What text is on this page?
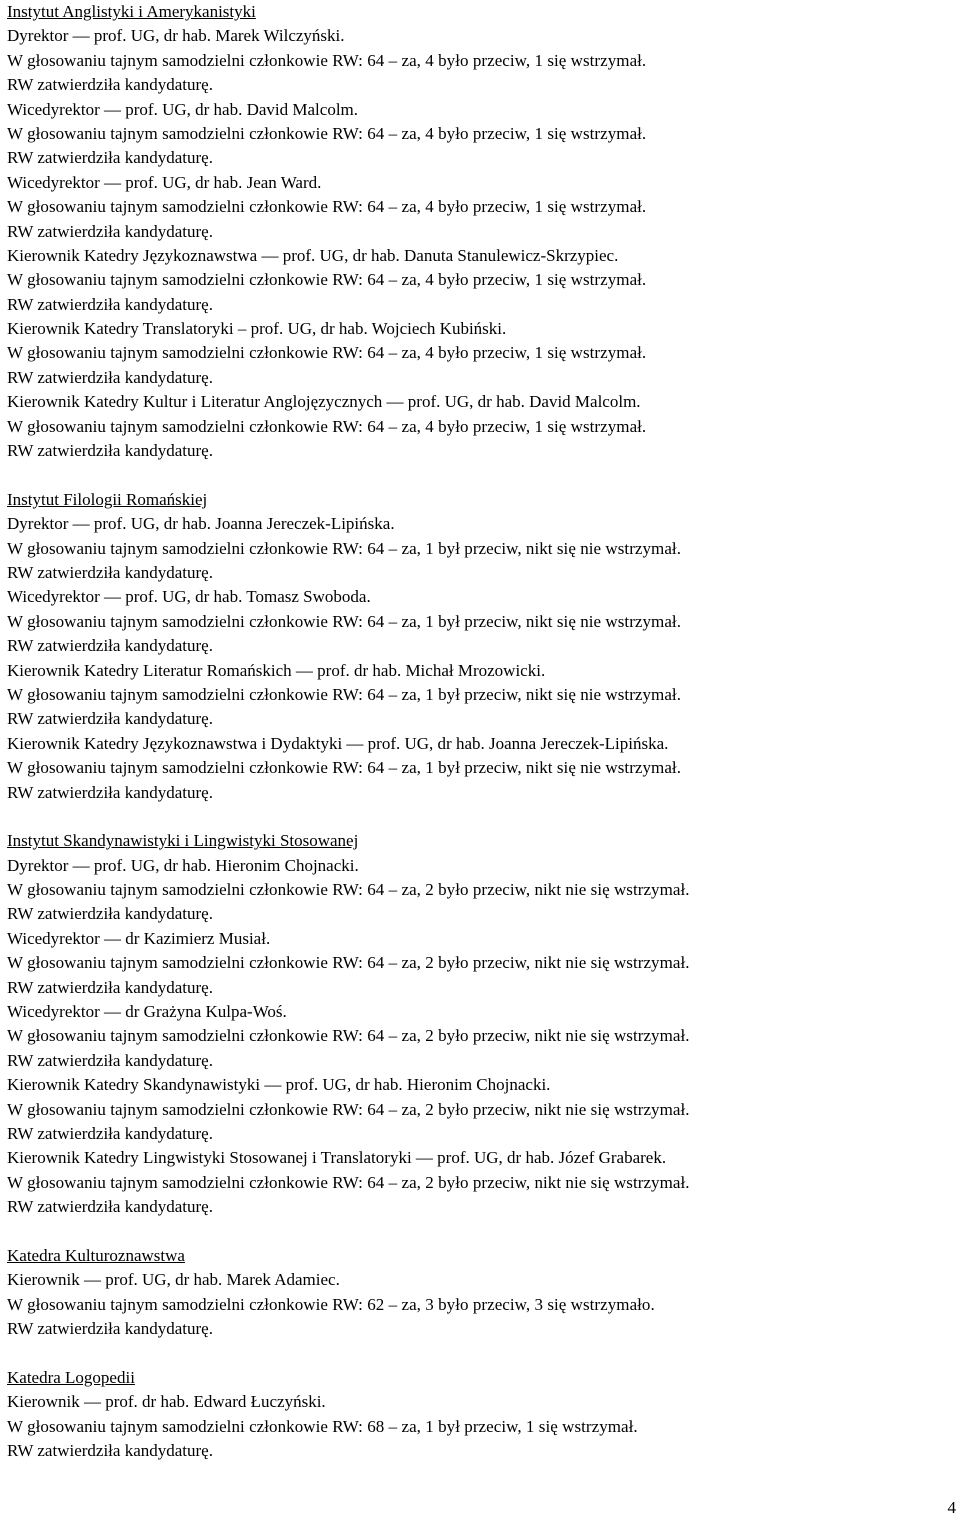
Instytut Anglistyki i Amerykanistyki
Dyrektor — prof. UG, dr hab. Marek Wilczyński.
W głosowaniu tajnym samodzielni członkowie RW: 64 – za, 4 było przeciw, 1 się wstrzymał.
RW zatwierdziła kandydaturę.
Wicedyrektor — prof. UG, dr hab. David Malcolm.
W głosowaniu tajnym samodzielni członkowie RW: 64 – za, 4 było przeciw, 1 się wstrzymał.
RW zatwierdziła kandydaturę.
Wicedyrektor — prof. UG, dr hab. Jean Ward.
W głosowaniu tajnym samodzielni członkowie RW: 64 – za, 4 było przeciw, 1 się wstrzymał.
RW zatwierdziła kandydaturę.
Kierownik Katedry Językoznawstwa — prof. UG, dr hab. Danuta Stanulewicz-Skrzypiec.
W głosowaniu tajnym samodzielni członkowie RW: 64 – za, 4 było przeciw, 1 się wstrzymał.
RW zatwierdziła kandydaturę.
Kierownik Katedry Translatoryki – prof. UG, dr hab. Wojciech Kubiński.
W głosowaniu tajnym samodzielni członkowie RW: 64 – za, 4 było przeciw, 1 się wstrzymał.
RW zatwierdziła kandydaturę.
Kierownik Katedry Kultur i Literatur Anglojęzycznych — prof. UG, dr hab. David Malcolm.
W głosowaniu tajnym samodzielni członkowie RW: 64 – za, 4 było przeciw, 1 się wstrzymał.
RW zatwierdziła kandydaturę.
Instytut Filologii Romańskiej
Dyrektor — prof. UG, dr hab. Joanna Jereczek-Lipińska.
W głosowaniu tajnym samodzielni członkowie RW: 64 – za, 1 był przeciw, nikt się nie wstrzymał.
RW zatwierdziła kandydaturę.
Wicedyrektor — prof. UG, dr hab. Tomasz Swoboda.
W głosowaniu tajnym samodzielni członkowie RW: 64 – za, 1 był przeciw, nikt się nie wstrzymał.
RW zatwierdziła kandydaturę.
Kierownik Katedry Literatur Romańskich — prof. dr hab. Michał Mrozowicki.
W głosowaniu tajnym samodzielni członkowie RW: 64 – za, 1 był przeciw, nikt się nie wstrzymał.
RW zatwierdziła kandydaturę.
Kierownik Katedry Językoznawstwa i Dydaktyki — prof. UG, dr hab. Joanna Jereczek-Lipińska.
W głosowaniu tajnym samodzielni członkowie RW: 64 – za, 1 był przeciw, nikt się nie wstrzymał.
RW zatwierdziła kandydaturę.
Instytut Skandynawistyki i Lingwistyki Stosowanej
Dyrektor — prof. UG, dr hab. Hieronim Chojnacki.
W głosowaniu tajnym samodzielni członkowie RW: 64 – za, 2 było przeciw, nikt nie się wstrzymał.
RW zatwierdziła kandydaturę.
Wicedyrektor — dr Kazimierz Musiał.
W głosowaniu tajnym samodzielni członkowie RW: 64 – za, 2 było przeciw, nikt nie się wstrzymał.
RW zatwierdziła kandydaturę.
Wicedyrektor — dr Grażyna Kulpa-Woś.
W głosowaniu tajnym samodzielni członkowie RW: 64 – za, 2 było przeciw, nikt nie się wstrzymał.
RW zatwierdziła kandydaturę.
Kierownik Katedry Skandynawistyki — prof. UG, dr hab. Hieronim Chojnacki.
W głosowaniu tajnym samodzielni członkowie RW: 64 – za, 2 było przeciw, nikt nie się wstrzymał.
RW zatwierdziła kandydaturę.
Kierownik Katedry Lingwistyki Stosowanej i Translatoryki — prof. UG, dr hab. Józef Grabarek.
W głosowaniu tajnym samodzielni członkowie RW: 64 – za, 2 było przeciw, nikt nie się wstrzymał.
RW zatwierdziła kandydaturę.
Katedra Kulturoznawstwa
Kierownik — prof. UG, dr hab. Marek Adamiec.
W głosowaniu tajnym samodzielni członkowie RW: 62 – za, 3 było przeciw, 3 się wstrzymało.
RW zatwierdziła kandydaturę.
Katedra Logopedii
Kierownik — prof. dr hab. Edward Łuczyński.
W głosowaniu tajnym samodzielni członkowie RW: 68 – za, 1 był przeciw, 1 się wstrzymał.
RW zatwierdziła kandydaturę.
4
